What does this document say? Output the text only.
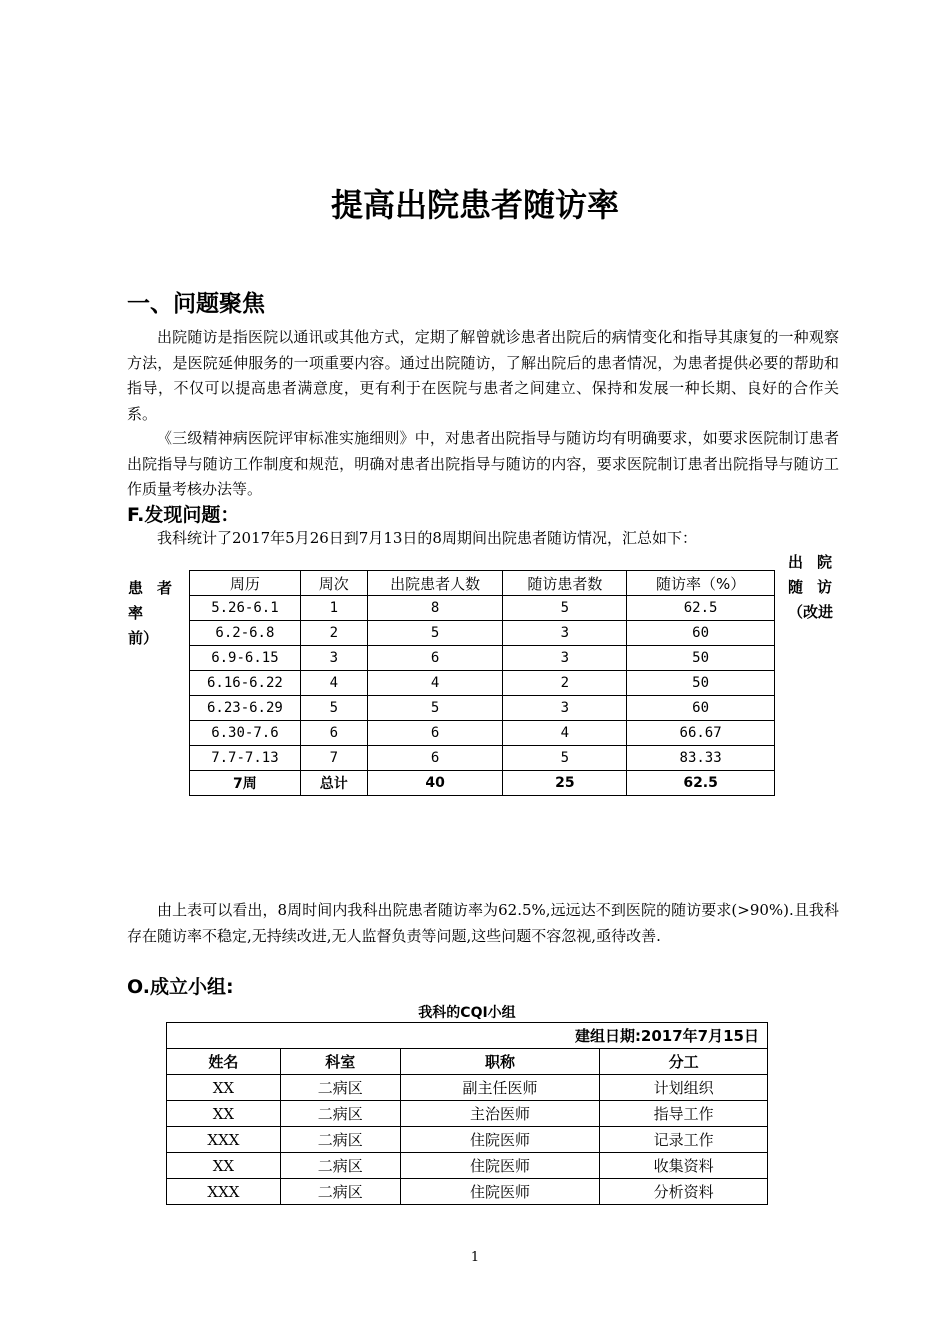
提高出院患者随访率
一、问题聚焦
出院随访是指医院以通讯或其他方式，定期了解曾就诊患者出院后的病情变化和指导其康复的一种观察方法，是医院延伸服务的一项重要内容。通过出院随访，了解出院后的患者情况，为患者提供必要的帮助和指导，不仅可以提高患者满意度，更有利于在医院与患者之间建立、保持和发展一种长期、良好的合作关系。
《三级精神病医院评审标准实施细则》中，对患者出院指导与随访均有明确要求，如要求医院制订患者出院指导与随访工作制度和规范，明确对患者出院指导与随访的内容，要求医院制订患者出院指导与随访工作质量考核办法等。
F.发现问题：
我科统计了2017年5月26日到7月13日的8周期间出院患者随访情况，汇总如下：
患 者
率
前）
出 院
随 访
（改进
周历	周次	出院患者人数	随访患者数	随访率（%）
5.26-6.1	1	8	5	62.5
6.2-6.8	2	5	3	60
6.9-6.15	3	6	3	50
6.16-6.22	4	4	2	50
6.23-6.29	5	5	3	60
6.30-7.6	6	6	4	66.67
7.7-7.13	7	6	5	83.33
7周	总计	40	25	62.5
由上表可以看出，8周时间内我科出院患者随访率为62.5%,远远达不到医院的随访要求(>90%).且我科存在随访率不稳定,无持续改进,无人监督负责等问题,这些问题不容忽视,亟待改善.
O.成立小组:
我科的CQI小组
建组日期:2017年7月15日			
姓名	科室	职称	分工
XX	二病区	副主任医师	计划组织
XX	二病区	主治医师	指导工作
XXX	二病区	住院医师	记录工作
XX	二病区	住院医师	收集资料
XXX	二病区	住院医师	分析资料
1
